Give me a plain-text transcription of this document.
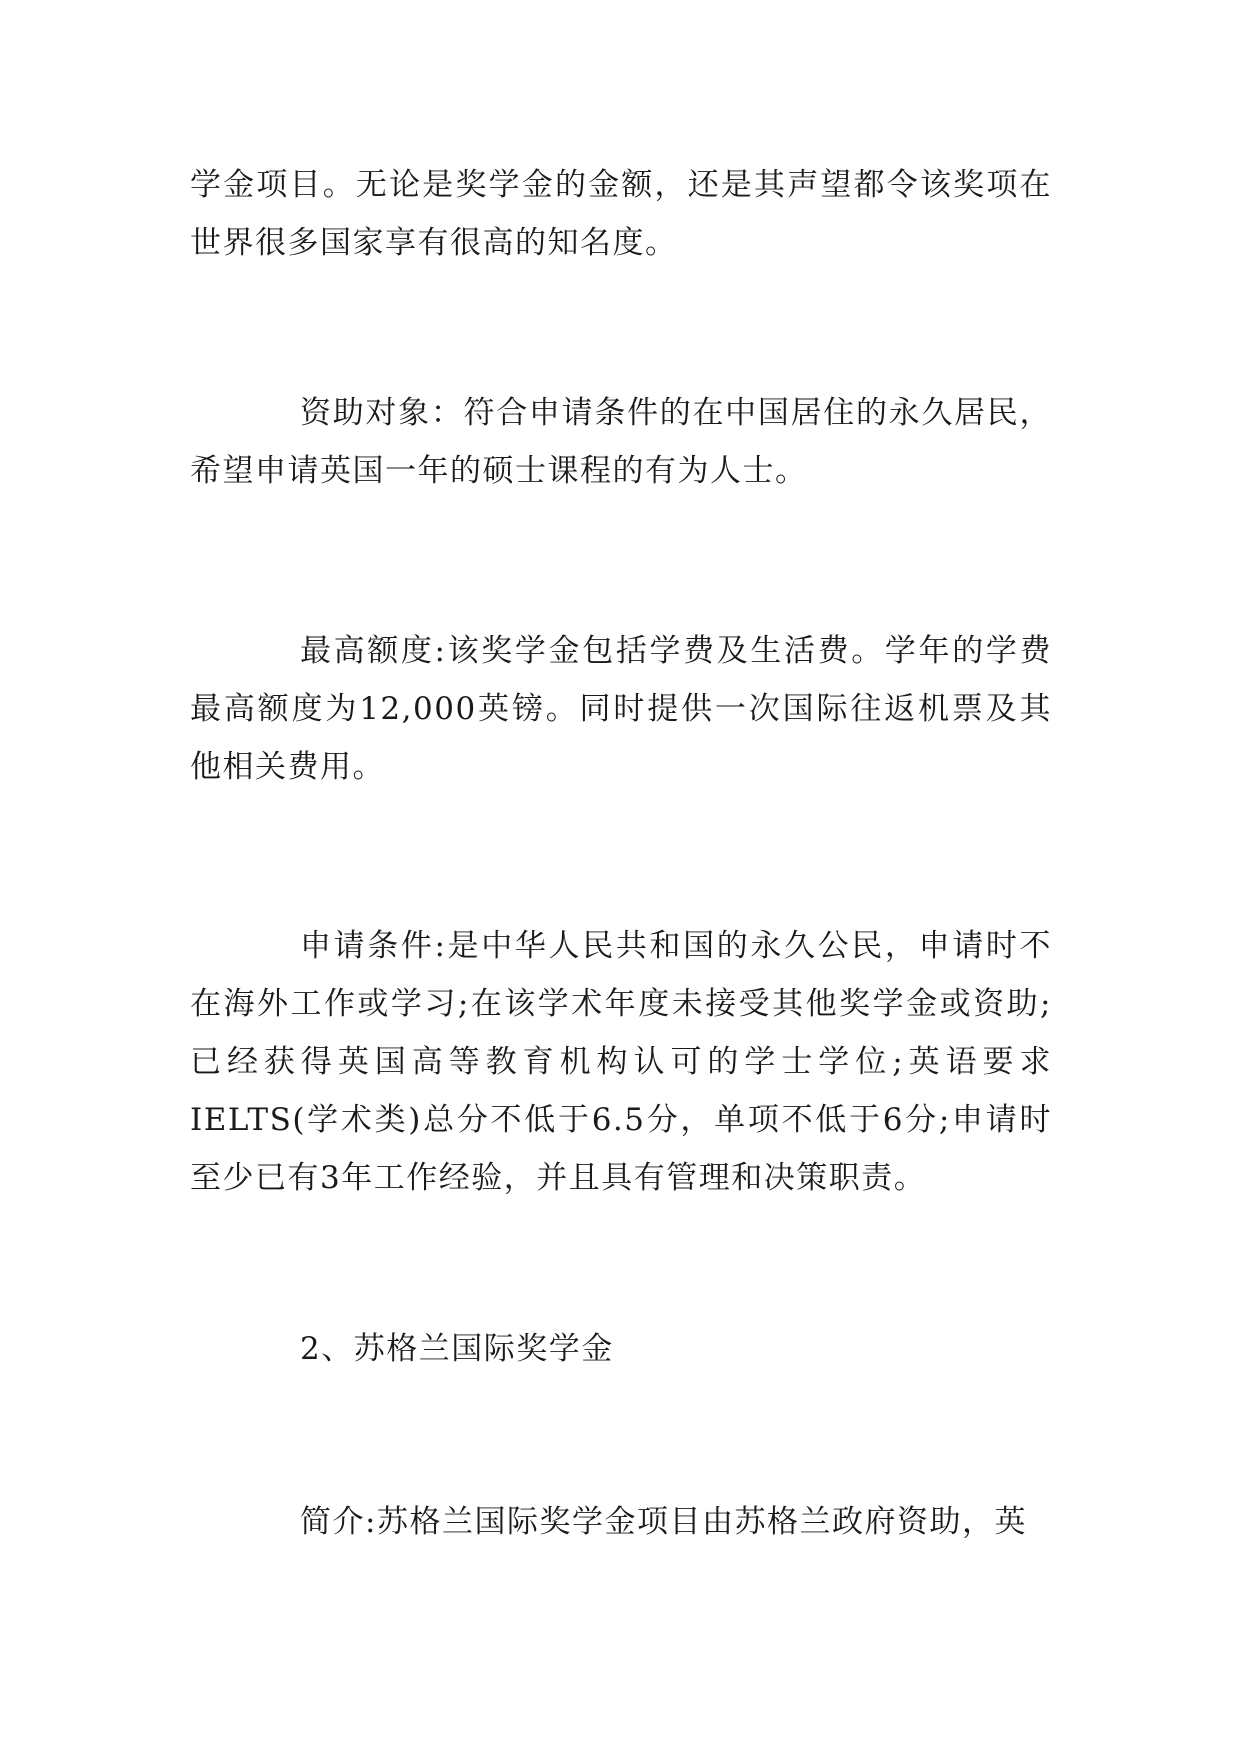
学金项目。无论是奖学金的金额，还是其声望都令该奖项在世界很多国家享有很高的知名度。

资助对象：符合申请条件的在中国居住的永久居民，希望申请英国一年的硕士课程的有为人士。

最高额度:该奖学金包括学费及生活费。学年的学费最高额度为12,000英镑。同时提供一次国际往返机票及其他相关费用。

申请条件:是中华人民共和国的永久公民，申请时不在海外工作或学习;在该学术年度未接受其他奖学金或资助;已经获得英国高等教育机构认可的学士学位;英语要求IELTS(学术类)总分不低于6.5分，单项不低于6分;申请时至少已有3年工作经验，并且具有管理和决策职责。

2、苏格兰国际奖学金

简介:苏格兰国际奖学金项目由苏格兰政府资助，英
